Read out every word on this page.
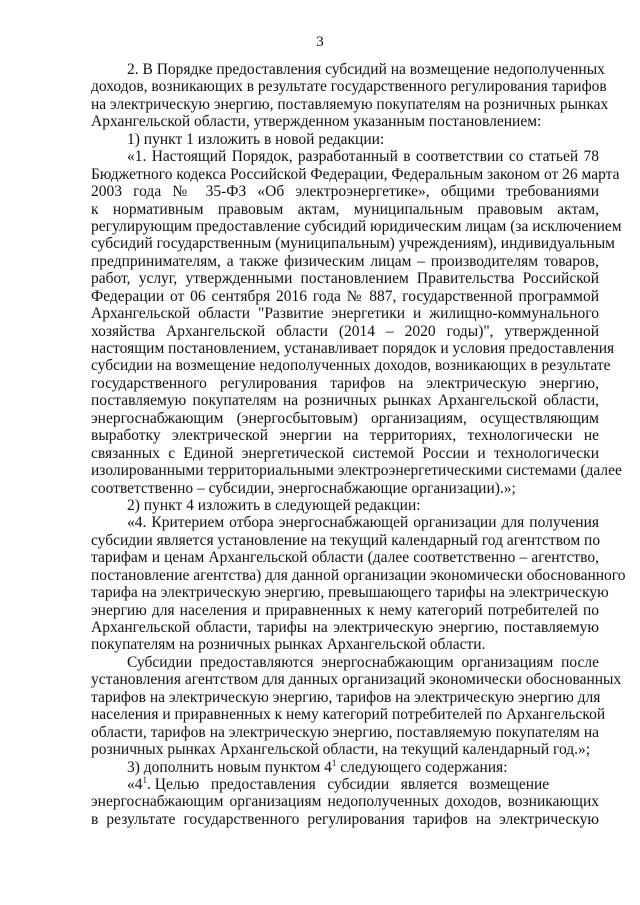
3

2. В Порядке предоставления субсидий на возмещение недополученных
доходов, возникающих в результате государственного регулирования тарифов
на электрическую энергию, поставляемую покупателям на розничных рынках
Архангельской области, утвержденном указанным постановлением:

1) пункт 1 изложить в новой редакции:

«1. Настоящий Порядок, разработанный в соответствии со статьей 78
Бюджетного кодекса Российской Федерации, Федеральным законом от 26 марта
2003 года № 35-ФЗ «Об электроэнергетике», общими требованиями
к нормативным правовым актам, муниципальным правовым актам,
регулирующим предоставление субсидий юридическим лицам (за исключением
субсидий государственным (муниципальным) учреждениям), индивидуальным
предпринимателям, а также физическим лицам – производителям товаров,
работ, услуг, утвержденными постановлением Правительства Российской
Федерации от 06 сентября 2016 года № 887, государственной программой
Архангельской области "Развитие энергетики и жилищно-коммунального
хозяйства Архангельской области (2014 – 2020 годы)", утвержденной
настоящим постановлением, устанавливает порядок и условия предоставления
субсидии на возмещение недополученных доходов, возникающих в результате
государственного регулирования тарифов на электрическую энергию,
поставляемую покупателям на розничных рынках Архангельской области,
энергоснабжающим (энергосбытовым) организациям, осуществляющим
выработку электрической энергии на территориях, технологически не
связанных с Единой энергетической системой России и технологически
изолированными территориальными электроэнергетическими системами (далее
соответственно – субсидии, энергоснабжающие организации).»;

2) пункт 4 изложить в следующей редакции:

«4. Критерием отбора энергоснабжающей организации для получения
субсидии является установление на текущий календарный год агентством по
тарифам и ценам Архангельской области (далее соответственно – агентство,
постановление агентства) для данной организации экономически обоснованного
тарифа на электрическую энергию, превышающего тарифы на электрическую
энергию для населения и приравненных к нему категорий потребителей по
Архангельской области, тарифы на электрическую энергию, поставляемую
покупателям на розничных рынках Архангельской области.

Субсидии предоставляются энергоснабжающим организациям после
установления агентством для данных организаций экономически обоснованных
тарифов на электрическую энергию, тарифов на электрическую энергию для
населения и приравненных к нему категорий потребителей по Архангельской
области, тарифов на электрическую энергию, поставляемую покупателям на
розничных рынках Архангельской области, на текущий календарный год.»;

3) дополнить новым пунктом $4^1$ следующего содержания:

«$4^1$. Целью   предоставления   субсидии   является   возмещение
энергоснабжающим организациям недополученных доходов, возникающих
в результате государственного регулирования тарифов на электрическую
